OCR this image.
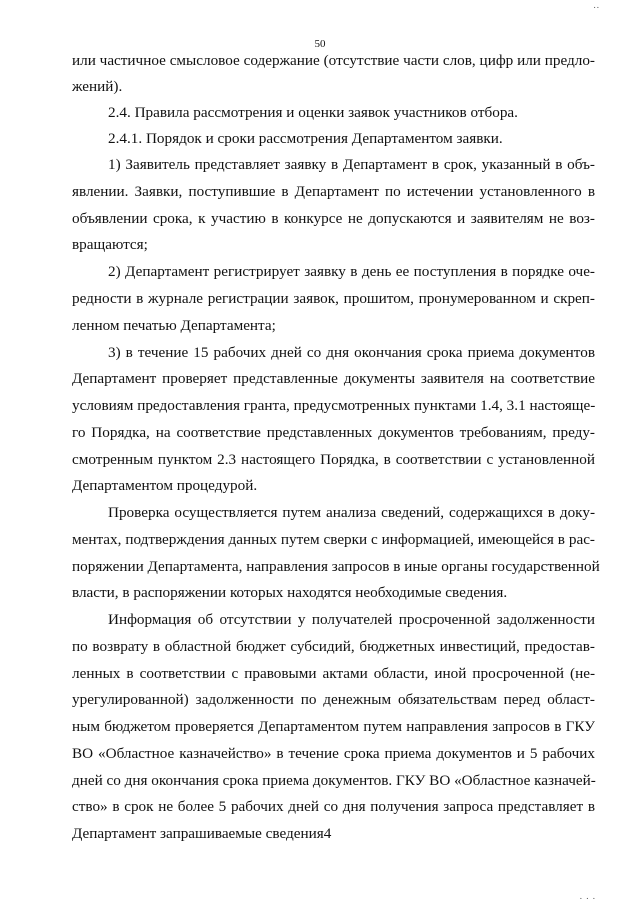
..
50
или частичное смысловое содержание (отсутствие части слов, цифр или предло-
жений).
2.4. Правила рассмотрения и оценки заявок участников отбора.
2.4.1. Порядок и сроки рассмотрения Департаментом заявки.
1) Заявитель представляет заявку в Департамент в срок, указанный в объ-
явлении. Заявки, поступившие в Департамент по истечении установленного в
объявлении срока, к участию в конкурсе не допускаются и заявителям не воз-
вращаются;
2) Департамент регистрирует заявку в день ее поступления в порядке оче-
редности в журнале регистрации заявок, прошитом, пронумерованном и скреп-
ленном печатью Департамента;
3) в течение 15 рабочих дней со дня окончания срока приема документов
Департамент проверяет представленные документы заявителя на соответствие
условиям предоставления гранта, предусмотренных пунктами 1.4, 3.1 настояще-
го Порядка, на соответствие представленных документов требованиям, преду-
смотренным пунктом 2.3 настоящего Порядка, в соответствии с установленной
Департаментом процедурой.
Проверка осуществляется путем анализа сведений, содержащихся в доку-
ментах, подтверждения данных путем сверки с информацией, имеющейся в рас-
поряжении Департамента, направления запросов в иные органы государственной
власти, в распоряжении которых находятся необходимые сведения.
Информация об отсутствии у получателей просроченной задолженности
по возврату в областной бюджет субсидий, бюджетных инвестиций, предостав-
ленных в соответствии с правовыми актами области, иной просроченной (не-
урегулированной) задолженности по денежным обязательствам перед област-
ным бюджетом проверяется Департаментом путем направления запросов в ГКУ
ВО «Областное казначейство» в течение срока приема документов и 5 рабочих
дней со дня окончания срока приема документов. ГКУ ВО «Областное казначей-
ство» в срок не более 5 рабочих дней со дня получения запроса представляет в
Департамент запрашиваемые сведения4
. . .
